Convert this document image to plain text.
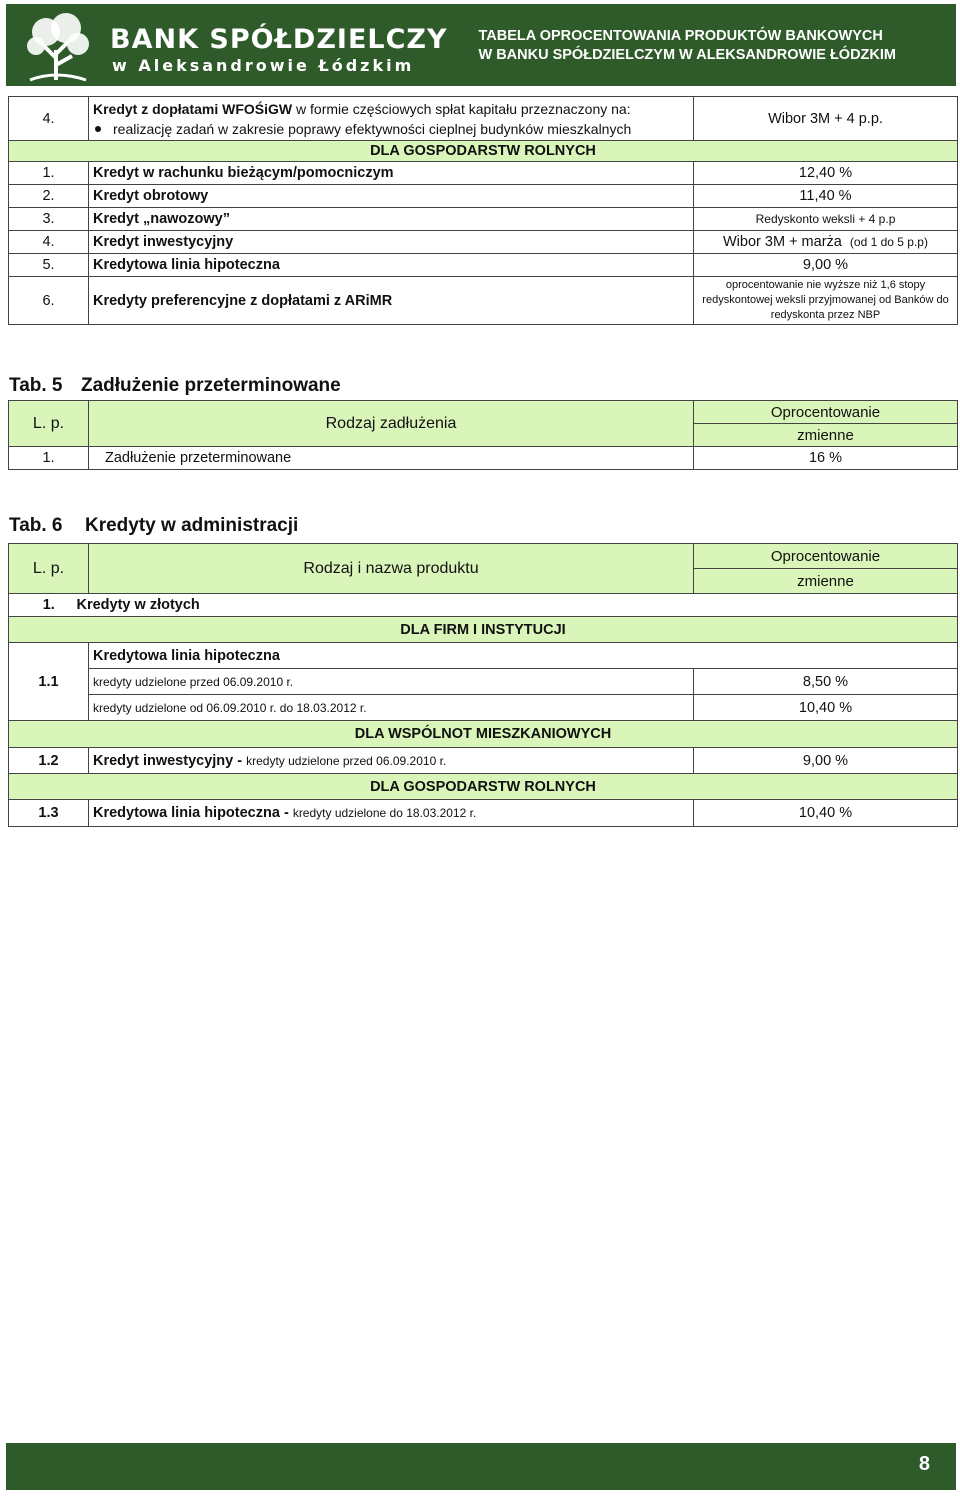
BANK SPÓŁDZIELCZY
w Aleksandrowie Łódzkim
TABELA OPROCENTOWANIA PRODUKTÓW BANKOWYCH
W BANKU SPÓŁDZIELCZYM W ALEKSANDROWIE ŁÓDZKIM
4.	Kredyt z dopłatami WFOŚiGW w formie częściowych spłat kapitału przeznaczony na:
realizację zadań w zakresie poprawy efektywności cieplnej budynków mieszkalnych	Wibor 3M + 4 p.p.
DLA GOSPODARSTW ROLNYCH		
1.	Kredyt w rachunku bieżącym/pomocniczym	12,40 %
2.	Kredyt obrotowy	11,40 %
3.	Kredyt „nawozowy”	Redyskonto weksli + 4 p.p
4.	Kredyt inwestycyjny	Wibor 3M + marża (od 1 do 5 p.p)
5.	Kredytowa linia hipoteczna	9,00 %
6.	Kredyty preferencyjne z dopłatami z ARiMR	oprocentowanie nie wyższe niż 1,6 stopy redyskontowej weksli przyjmowanej od Banków do redyskonta przez NBP
Tab. 5 Zadłużenie przeterminowane
L. p.	Rodzaj zadłużenia	Oprocentowanie
		zmienne
1.	Zadłużenie przeterminowane	16 %
Tab. 6 Kredyty w administracji
L. p.	Rodzaj i nazwa produktu	Oprocentowanie
		zmienne
1.	Kredyty w złotych	
DLA FIRM I INSTYTUCJI		
1.1	Kredytowa linia hipoteczna	
	kredyty udzielone przed 06.09.2010 r.	8,50 %
	kredyty udzielone od 06.09.2010 r. do 18.03.2012 r.	10,40 %
DLA WSPÓLNOT MIESZKANIOWYCH		
1.2	Kredyt inwestycyjny - kredyty udzielone przed 06.09.2010 r.	9,00 %
DLA GOSPODARSTW ROLNYCH		
1.3	Kredytowa linia hipoteczna - kredyty udzielone do 18.03.2012 r.	10,40 %
8
